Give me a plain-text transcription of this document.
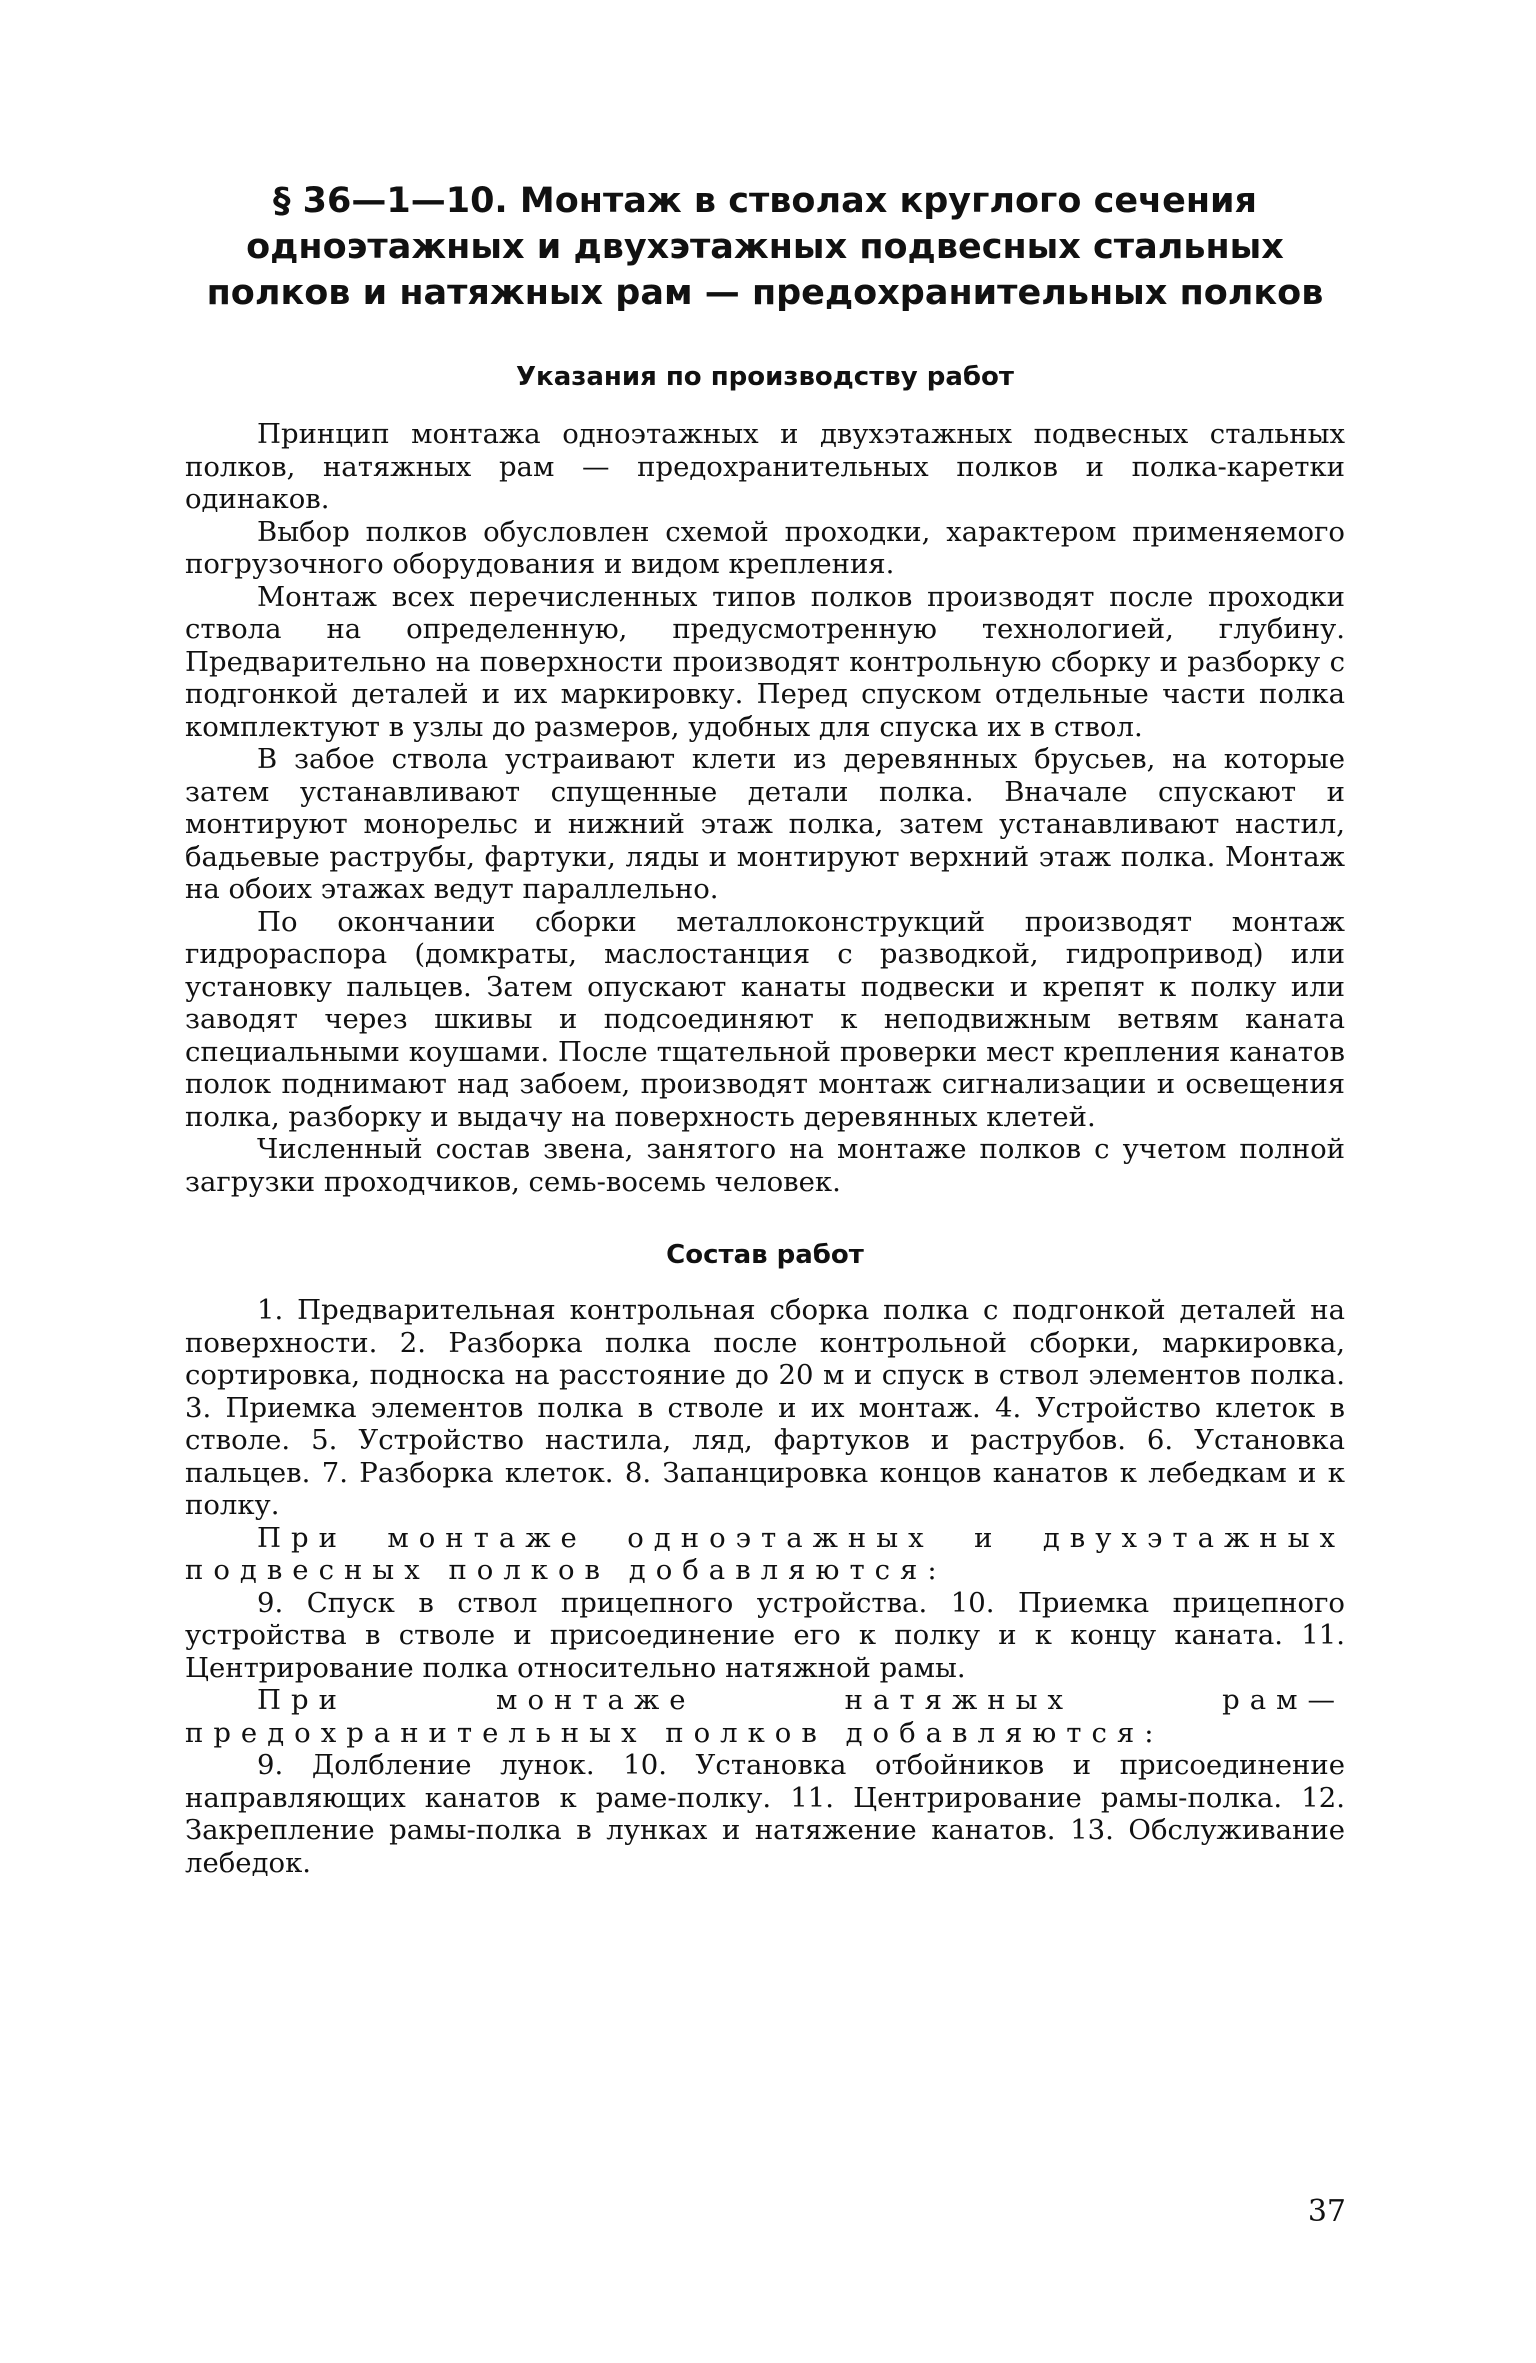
§ 36—1—10. Монтаж в стволах круглого сечения одноэтажных и двухэтажных подвесных стальных полков и натяжных рам — предохранительных полков
Указания по производству работ

Принцип монтажа одноэтажных и двухэтажных подвесных стальных полков, натяжных рам — предохранительных полков и полка-каретки одинаков.

Выбор полков обусловлен схемой проходки, характером применяемого погрузочного оборудования и видом крепления.

Монтаж всех перечисленных типов полков производят после проходки ствола на определенную, предусмотренную технологией, глубину. Предварительно на поверхности производят контрольную сборку и разборку с подгонкой деталей и их маркировку. Перед спуском отдельные части полка комплектуют в узлы до размеров, удобных для спуска их в ствол.

В забое ствола устраивают клети из деревянных брусьев, на которые затем устанавливают спущенные детали полка. Вначале спускают и монтируют монорельс и нижний этаж полка, затем устанавливают настил, бадьевые раструбы, фартуки, ляды и монтируют верхний этаж полка. Монтаж на обоих этажах ведут параллельно.

По окончании сборки металлоконструкций производят монтаж гидрораспора (домкраты, маслостанция с разводкой, гидропривод) или установку пальцев. Затем опускают канаты подвески и крепят к полку или заводят через шкивы и подсоединяют к неподвижным ветвям каната специальными коушами. После тщательной проверки мест крепления канатов полок поднимают над забоем, производят монтаж сигнализации и освещения полка, разборку и выдачу на поверхность деревянных клетей.

Численный состав звена, занятого на монтаже полков с учетом полной загрузки проходчиков, семь-восемь человек.

Состав работ

1. Предварительная контрольная сборка полка с подгонкой деталей на поверхности. 2. Разборка полка после контрольной сборки, маркировка, сортировка, подноска на расстояние до 20 м и спуск в ствол элементов полка. 3. Приемка элементов полка в стволе и их монтаж. 4. Устройство клеток в стволе. 5. Устройство настила, ляд, фартуков и раструбов. 6. Установка пальцев. 7. Разборка клеток. 8. Запанцировка концов канатов к лебедкам и к полку.

При монтаже одноэтажных и двухэтажных подвесных полков добавляются:

9. Спуск в ствол прицепного устройства. 10. Приемка прицепного устройства в стволе и присоединение его к полку и к концу каната. 11. Центрирование полка относительно натяжной рамы.

При монтаже натяжных рам—предохранительных полков добавляются:

9. Долбление лунок. 10. Установка отбойников и присоединение направляющих канатов к раме-полку. 11. Центрирование рамы-полка. 12. Закрепление рамы-полка в лунках и натяжение канатов. 13. Обслуживание лебедок.

37
